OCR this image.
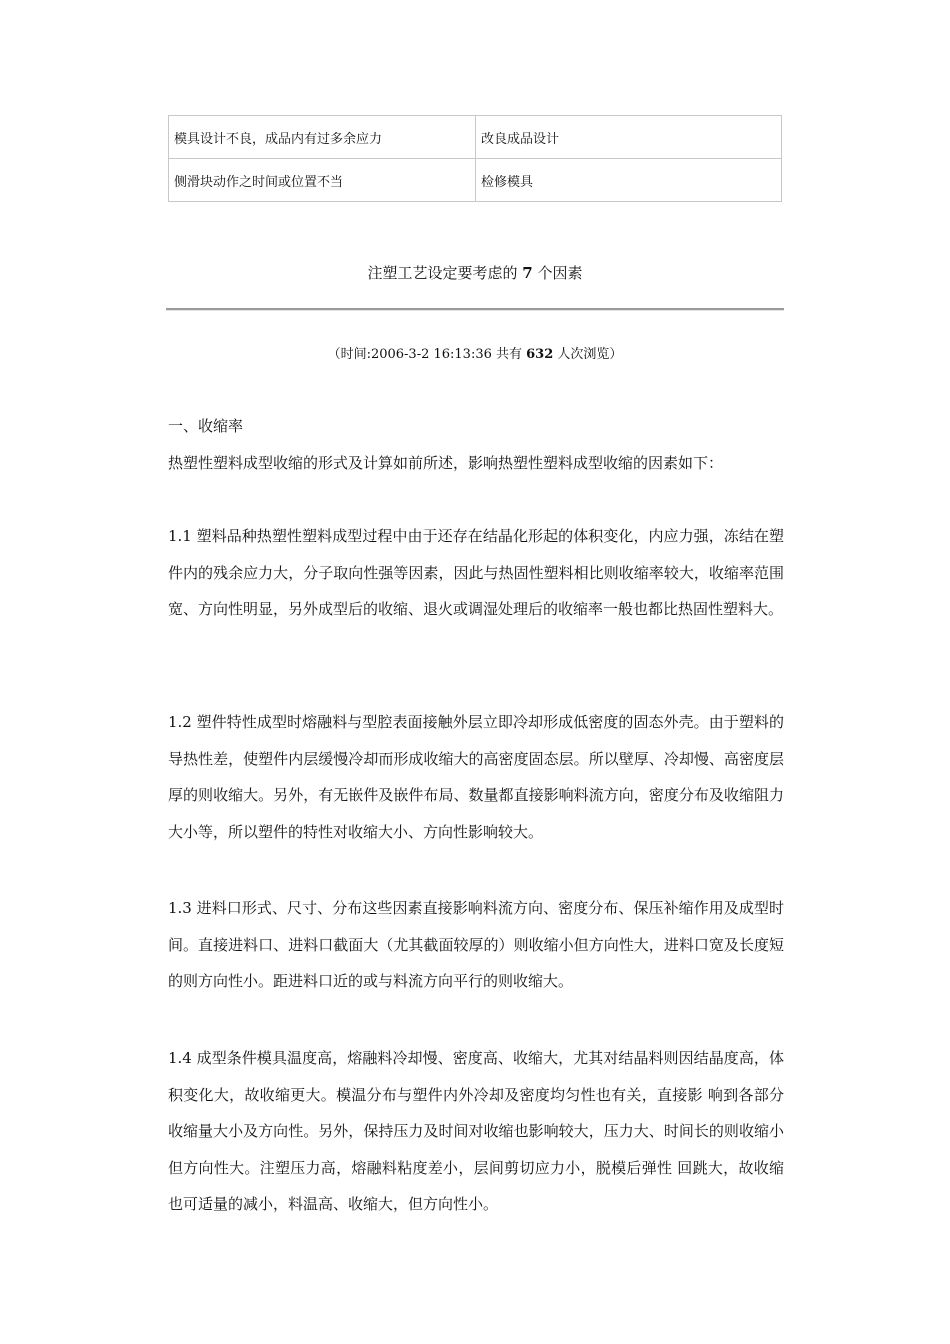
模具设计不良，成品内有过多余应力	改良成品设计
侧滑块动作之时间或位置不当	检修模具
注塑工艺设定要考虑的 7 个因素
（时间:2006-3-2 16:13:36 共有 632 人次浏览）

一、收缩率

热塑性塑料成型收缩的形式及计算如前所述，影响热塑性塑料成型收缩的因素如下：

1.1 塑料品种热塑性塑料成型过程中由于还存在结晶化形起的体积变化，内应力强，冻结在塑件内的残余应力大，分子取向性强等因素，因此与热固性塑料相比则收缩率较大，收缩率范围宽、方向性明显，另外成型后的收缩、退火或调湿处理后的收缩率一般也都比热固性塑料大。

1.2 塑件特性成型时熔融料与型腔表面接触外层立即冷却形成低密度的固态外壳。由于塑料的导热性差，使塑件内层缓慢冷却而形成收缩大的高密度固态层。所以壁厚、冷却慢、高密度层厚的则收缩大。另外，有无嵌件及嵌件布局、数量都直接影响料流方向，密度分布及收缩阻力大小等，所以塑件的特性对收缩大小、方向性影响较大。

1.3 进料口形式、尺寸、分布这些因素直接影响料流方向、密度分布、保压补缩作用及成型时间。直接进料口、进料口截面大（尤其截面较厚的）则收缩小但方向性大，进料口宽及长度短的则方向性小。距进料口近的或与料流方向平行的则收缩大。

1.4 成型条件模具温度高，熔融料冷却慢、密度高、收缩大，尤其对结晶料则因结晶度高，体积变化大，故收缩更大。模温分布与塑件内外冷却及密度均匀性也有关，直接影 响到各部分收缩量大小及方向性。另外，保持压力及时间对收缩也影响较大，压力大、时间长的则收缩小但方向性大。注塑压力高，熔融料粘度差小，层间剪切应力小，脱模后弹性 回跳大，故收缩也可适量的减小，料温高、收缩大，但方向性小。
